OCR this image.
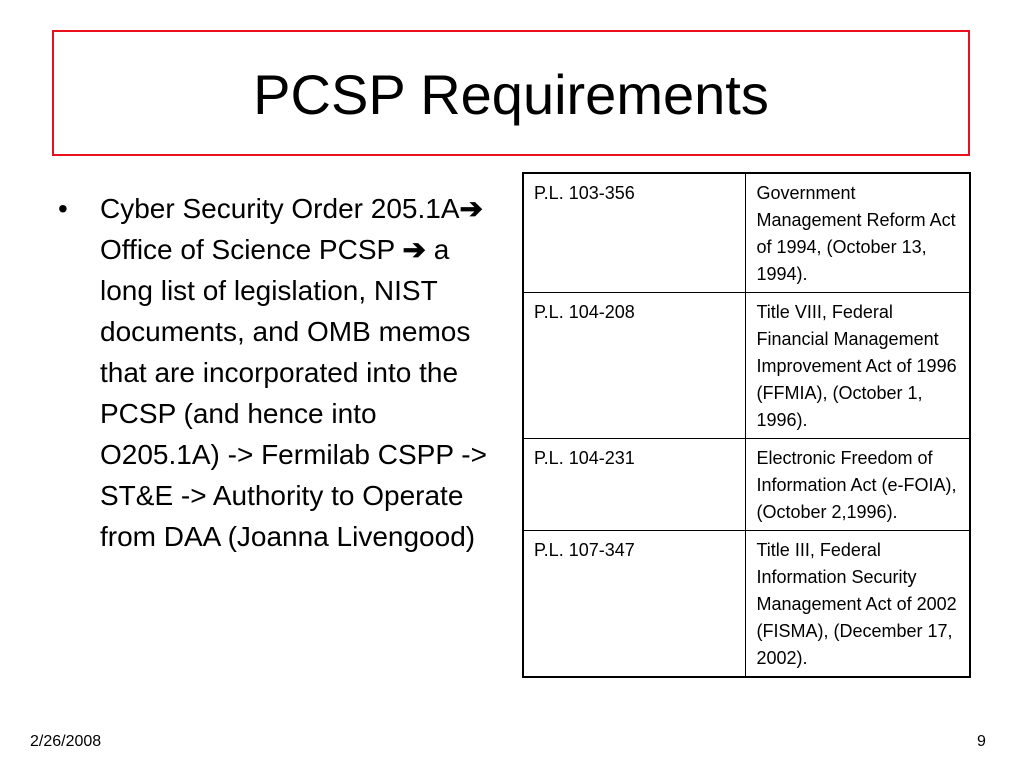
PCSP Requirements
• Cyber Security Order 205.1A➔ Office of Science PCSP ➔ a long list of legislation, NIST documents, and OMB memos that are incorporated into the PCSP (and hence into O205.1A) -> Fermilab CSPP -> ST&E -> Authority to Operate from DAA (Joanna Livengood)
P.L. 103-356	Government Management Reform Act of 1994, (October 13, 1994).
P.L. 104-208	Title VIII, Federal Financial Management Improvement Act of 1996 (FFMIA), (October 1, 1996).
P.L. 104-231	Electronic Freedom of Information Act (e-FOIA), (October 2,1996).
P.L. 107-347	Title III, Federal Information Security Management Act of 2002 (FISMA), (December 17, 2002).
2/26/2008	9
